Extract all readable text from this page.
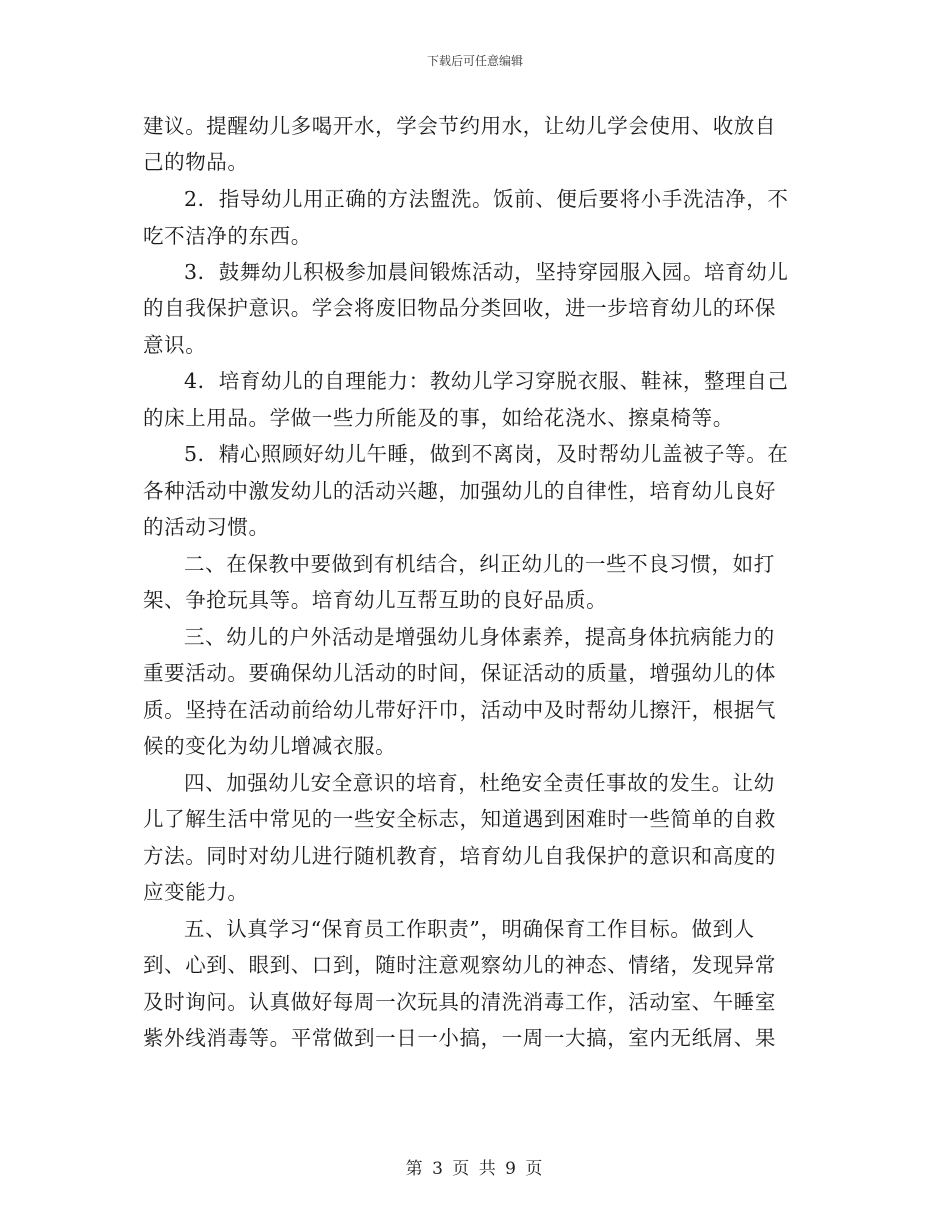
下载后可任意编辑
建议。提醒幼儿多喝开水，学会节约用水，让幼儿学会使用、收放自
己的物品。
2．指导幼儿用正确的方法盥洗。饭前、便后要将小手洗洁净，不
吃不洁净的东西。
3．鼓舞幼儿积极参加晨间锻炼活动，坚持穿园服入园。培育幼儿
的自我保护意识。学会将废旧物品分类回收，进一步培育幼儿的环保
意识。
4．培育幼儿的自理能力：教幼儿学习穿脱衣服、鞋袜，整理自己
的床上用品。学做一些力所能及的事，如给花浇水、擦桌椅等。
5．精心照顾好幼儿午睡，做到不离岗，及时帮幼儿盖被子等。在
各种活动中激发幼儿的活动兴趣，加强幼儿的自律性，培育幼儿良好
的活动习惯。
二、在保教中要做到有机结合，纠正幼儿的一些不良习惯，如打
架、争抢玩具等。培育幼儿互帮互助的良好品质。
三、幼儿的户外活动是增强幼儿身体素养，提高身体抗病能力的
重要活动。要确保幼儿活动的时间，保证活动的质量，增强幼儿的体
质。坚持在活动前给幼儿带好汗巾，活动中及时帮幼儿擦汗，根据气
候的变化为幼儿增减衣服。
四、加强幼儿安全意识的培育，杜绝安全责任事故的发生。让幼
儿了解生活中常见的一些安全标志，知道遇到困难时一些简单的自救
方法。同时对幼儿进行随机教育，培育幼儿自我保护的意识和高度的
应变能力。
五、认真学习“保育员工作职责”，明确保育工作目标。做到人
到、心到、眼到、口到，随时注意观察幼儿的神态、情绪，发现异常
及时询问。认真做好每周一次玩具的清洗消毒工作，活动室、午睡室
紫外线消毒等。平常做到一日一小搞，一周一大搞，室内无纸屑、果
第 3 页 共 9 页
